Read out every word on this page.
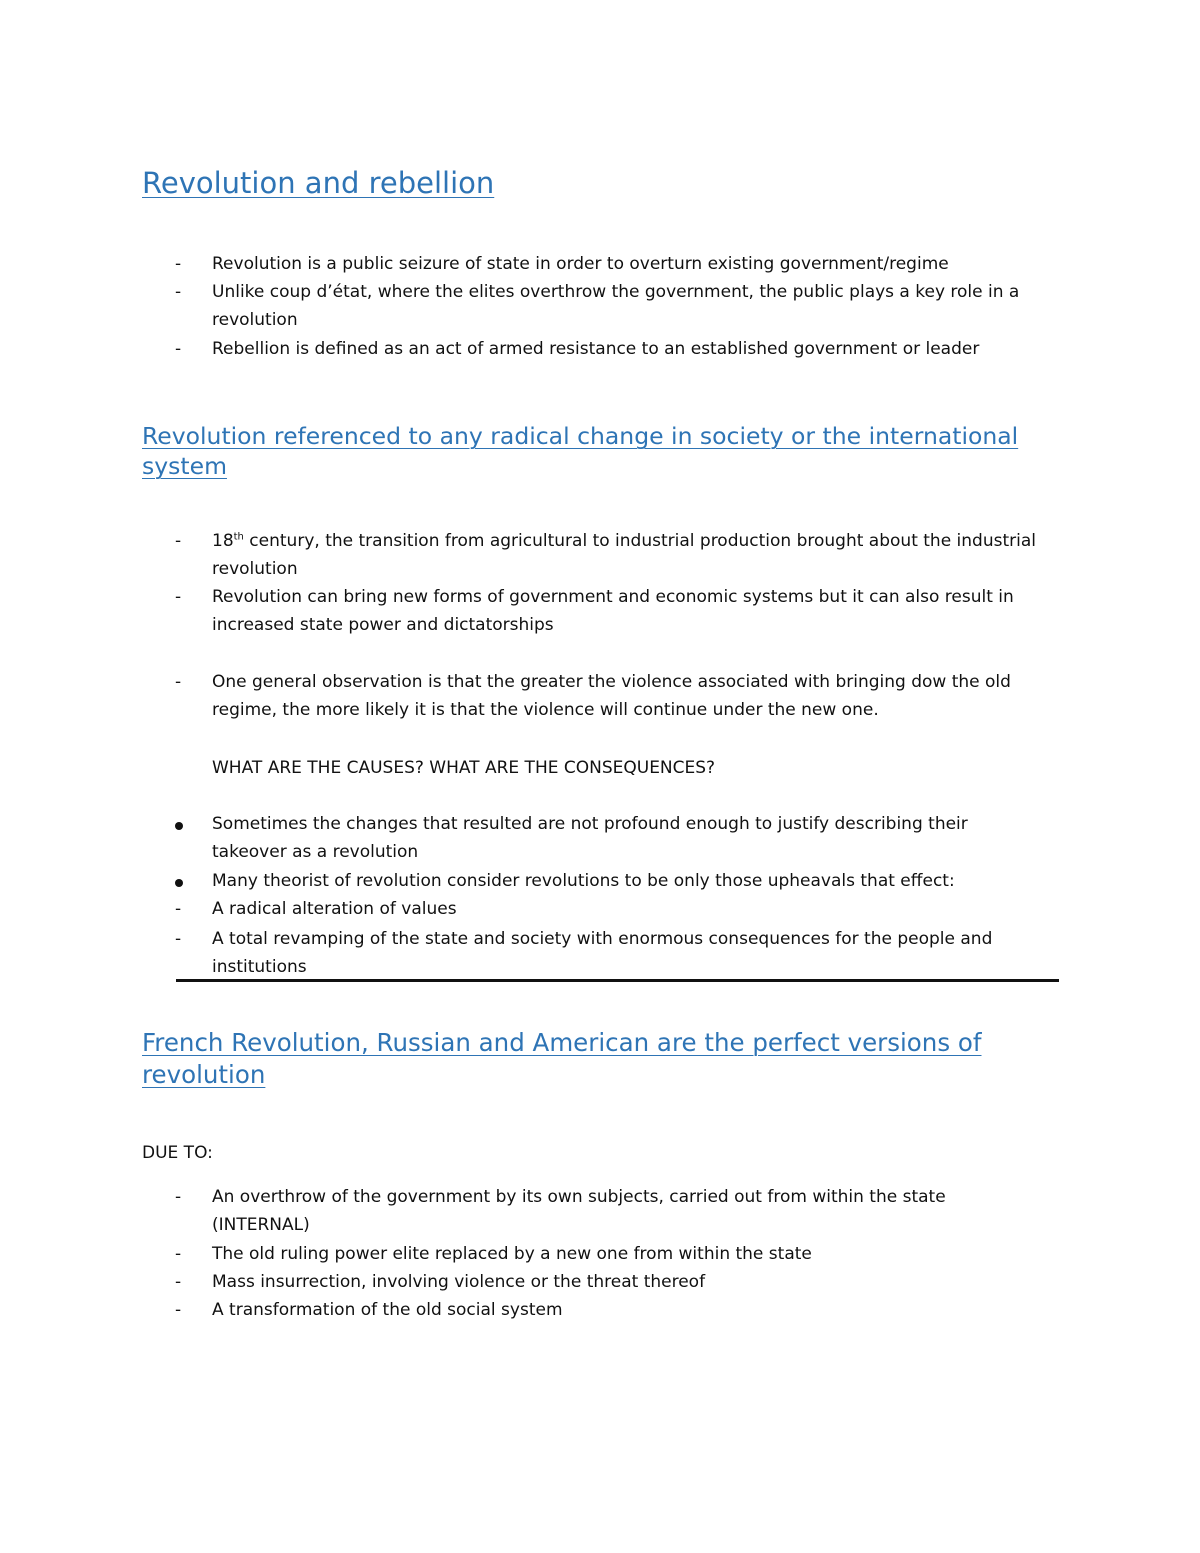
Revolution and rebellion
-	Revolution is a public seizure of state in order to overturn existing government/regime
-	Unlike coup d’état, where the elites overthrow the government, the public plays a key role in a
revolution
-	Rebellion is defined as an act of armed resistance to an established government or leader
Revolution referenced to any radical change in society or the international
system
-	18th century, the transition from agricultural to industrial production brought about the industrial
revolution
-	Revolution can bring new forms of government and economic systems but it can also result in
increased state power and dictatorships
-	One general observation is that the greater the violence associated with bringing dow the old
regime, the more likely it is that the violence will continue under the new one.
WHAT ARE THE CAUSES? WHAT ARE THE CONSEQUENCES?
Sometimes the changes that resulted are not profound enough to justify describing their
takeover as a revolution
Many theorist of revolution consider revolutions to be only those upheavals that effect:
-	A radical alteration of values
-	A total revamping of the state and society with enormous consequences for the people and
institutions
French Revolution, Russian and American are the perfect versions of
revolution
DUE TO:
-	An overthrow of the government by its own subjects, carried out from within the state
(INTERNAL)
-	The old ruling power elite replaced by a new one from within the state
-	Mass insurrection, involving violence or the threat thereof
-	A transformation of the old social system
